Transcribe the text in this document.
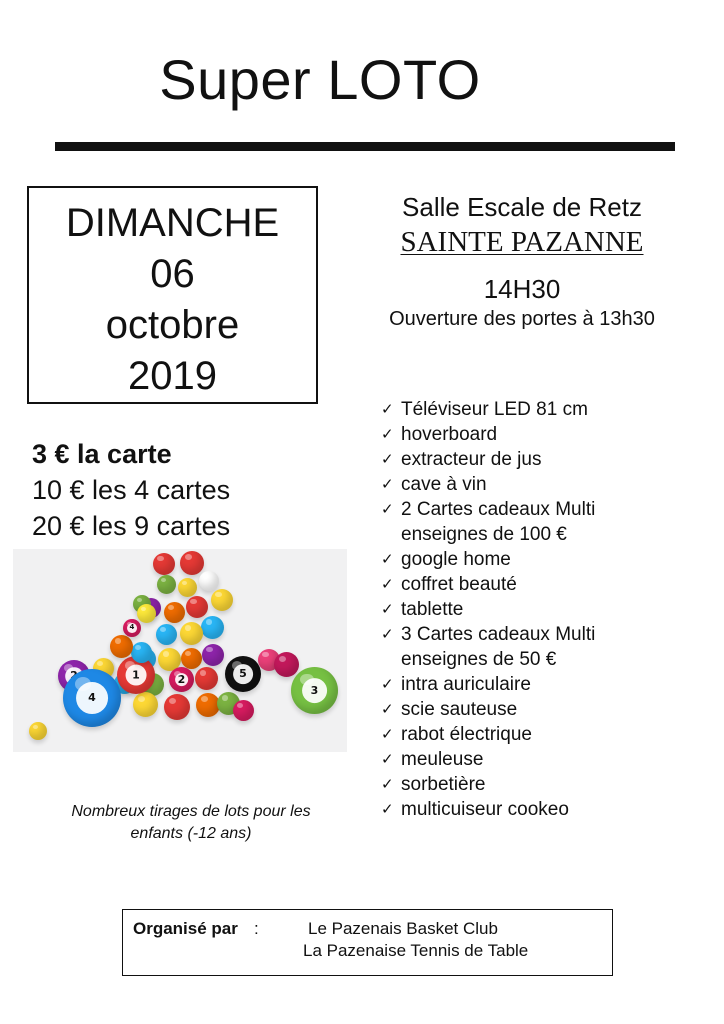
Super LOTO
DIMANCHE
06
octobre
2019
Salle Escale de Retz
SAINTE PAZANNE
14H30
Ouverture des portes à 13h30
3 € la carte
10 € les 4 cartes
20 € les 9 cartes
2
1
4
5
3
4
Nombreux tirages de lots pour les
enfants (-12 ans)
✓ Téléviseur LED 81 cm
✓ hoverboard
✓ extracteur de jus
✓ cave à vin
✓ 2 Cartes cadeaux Multi
enseignes de 100 €
✓ google home
✓ coffret beauté
✓ tablette
✓ 3 Cartes cadeaux Multi
enseignes de 50 €
✓ intra auriculaire
✓ scie sauteuse
✓ rabot électrique
✓ meuleuse
✓ sorbetière
✓ multicuiseur cookeo
Organisé par :	Le Pazenais Basket Club
La Pazenaise Tennis de Table
